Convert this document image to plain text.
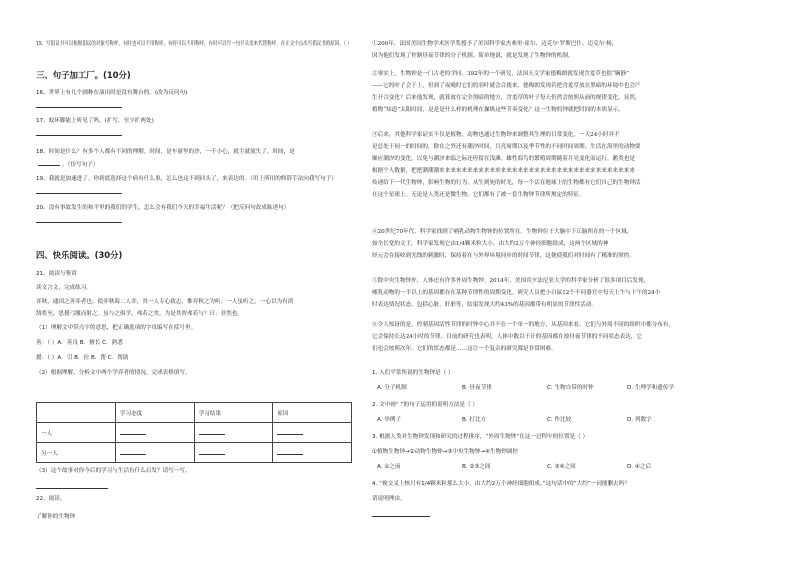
15、写倡议书可以根据倡议的对象写称呼，有时也可以不用称呼，有时可以不用称呼，有时可以写一句开头语来代替称呼。在正文中点出写倡议书的原因。（ ）
三、句子加工厂。(10分)
16、世界上有几个剧种在演出时是没有舞台的。(改为反问句)
17、蚊环脚能上听见了吗。(扩写，至少扩两处)
18、时间是什么？有多个人都有不同的理解。时间，是车窗里的沙，一不小心，就尘就流失了。时间，是
。（仿写句子）
19、我就是加速进了。你到底选择这个病有什么事，怎么也这不到回头了，来表达的。（用上所用的修辞手法向我写句子）
20、没有事故发生的和平里的我们的学生，怎么会有我们今天的幸福生活呢？（把反问句改成陈述句）
四、快乐阅读。(30分)
21、阅读与鉴赏
读文言文，完成练习。
弈秋，通国之善弈者也。使弈秋诲二人弈，其一人专心致志，惟弈秋之为听；一人虽听之，一心以为有鸿
鹄将至，思援弓缴而射之。虽与之俱学，弗若之矣。为是其智弗若与？曰：非然也。
（1）理解文中带点字的意思，把正确选项的字母编写在括号里。
善：（ ）A．善良 B．擅长 C．熟悉
援：（ ）A．引 B．拉 B．帮 C．帮助
（2）根据理解，分析文中两个学弈者的情况，完成表格填写。
	学习态度	学习结果	原因
一人			
另一人			
（3）这个故事对你今后的学习与生活有什么启发？请写一写。
22、阅读。
了解你的生物钟
①200年，法国美国生物学术医学奖授予了美国科学家杰弗里·霍尔、迈克尔·罗斯巴什、迈克尔·杨，
因为他们发现了控制昼夜节律的分子机制。简单地说，就是发现了生物钟的机制。
②事实上，生物钟是一门古老的学问。392年的一个研究，法国天文学家德梅朗就发现含羞草也很“娴静”
——它的叶子会于上，但到了夜晚时它们的羽叶就会合拢来。德梅朗发现若把含羞草放在黑暗的环境中也会产
生开合变化？后来他发现，就算放在完全黑暗的地方，含羞草的叶子每天仍然会按照从前的规律变化。显然，
植物“知道”太阳时间，是是是什么样的机理在操纵这些节奏变化？这一生物的钟就把时间的本质显示。
③后来，其他科学家证实不仅是植物，动物也通过生物钟来调整其生理的日常变化。一天24小时并不
是总处于同一的时间的，除在之外还有潮汐时间，月亮周期以及季节性的不同时间周期。生活在海里的动物要
顺应潮汐的变化，以免与潮汐来临之际还停留在浅滩。雄性海鸟的繁殖周期随着月亮变化而运行。鹅类也是
根据个人数据，把把潮潮潮来来来来来来来来来来来来来来来来来来来来来来来来来来来来来来来来来来来
传递给下一代生物钟，影响生物的行为。从生到死的时光，每一个活在地球上的生物都有它们自己的生物钟活
在这个星球上。无论是人类还是微生物，它们都有了被一套生物钟节律所规定的特征。
④20世纪70年代，科学家找到了哺乳动物生物钟的位置所在。生物钟位于大脑中下丘脑所在的一个区域，
如全长宽的文王，科学家发现它由1/4颗米粒大小，由大约2万个神经细胞组成，这两个区域的神
经元会在接收到光线的刺激时，保持着在与外界环境同步的时间节律，这便使我们对时间有了精准的掌控。
⑤除中央生物钟外，人体还有许多外周生物钟。2014年，美国宾夕法尼亚大学的科学家分析了很多项目后发现，
哺乳动物的一半以上的基因都存在某种节律性的周期变化。研究人员把小白鼠12个不同器官中每天上午与下午的24小
时表达情况状态，包括心脏、肝脏等，结果发现大约43%的基因都带有明显的节律性活动。
⑥令人惊讶的是，控制基因活性节律的时钟中心并不在一个单一的地方，从基因来看，它们与外周不同的组织中都分布有，
它会保持长达24小时的节律。目前的研究也表明，人体中数以千计的基因都在按昼夜节律的不同状态表达，它
们也会按照次年，它们的状态都是……这让一个复杂的研究都是非常困难。
1. 人们平常所说的生物钟是（ ）
A. 分子机制	B. 昼夜节律	C. 生物自带的时钟	D. 生理学和遗传学
2. 文中画“ ”的句子运用的说明方法是（ ）
A. 举例子	B. 打比方	C. 作比较	D. 列数字
3. 根据人类对生物钟发现和研究的过程排序，“外周生物钟”在这一过程中的位置是（ ）
①植物生物钟→②动物生物钟→③中央生物钟→④生物钟调控
A. ①之前	B. ②③之间	C. ③④之间	D. ④之后
4. “视交叉上核只有1/4颗米粒那么大小，由大约2万个神经细胞组成。”这句话中的“大约”一词能删去吗？
请说明理由。
